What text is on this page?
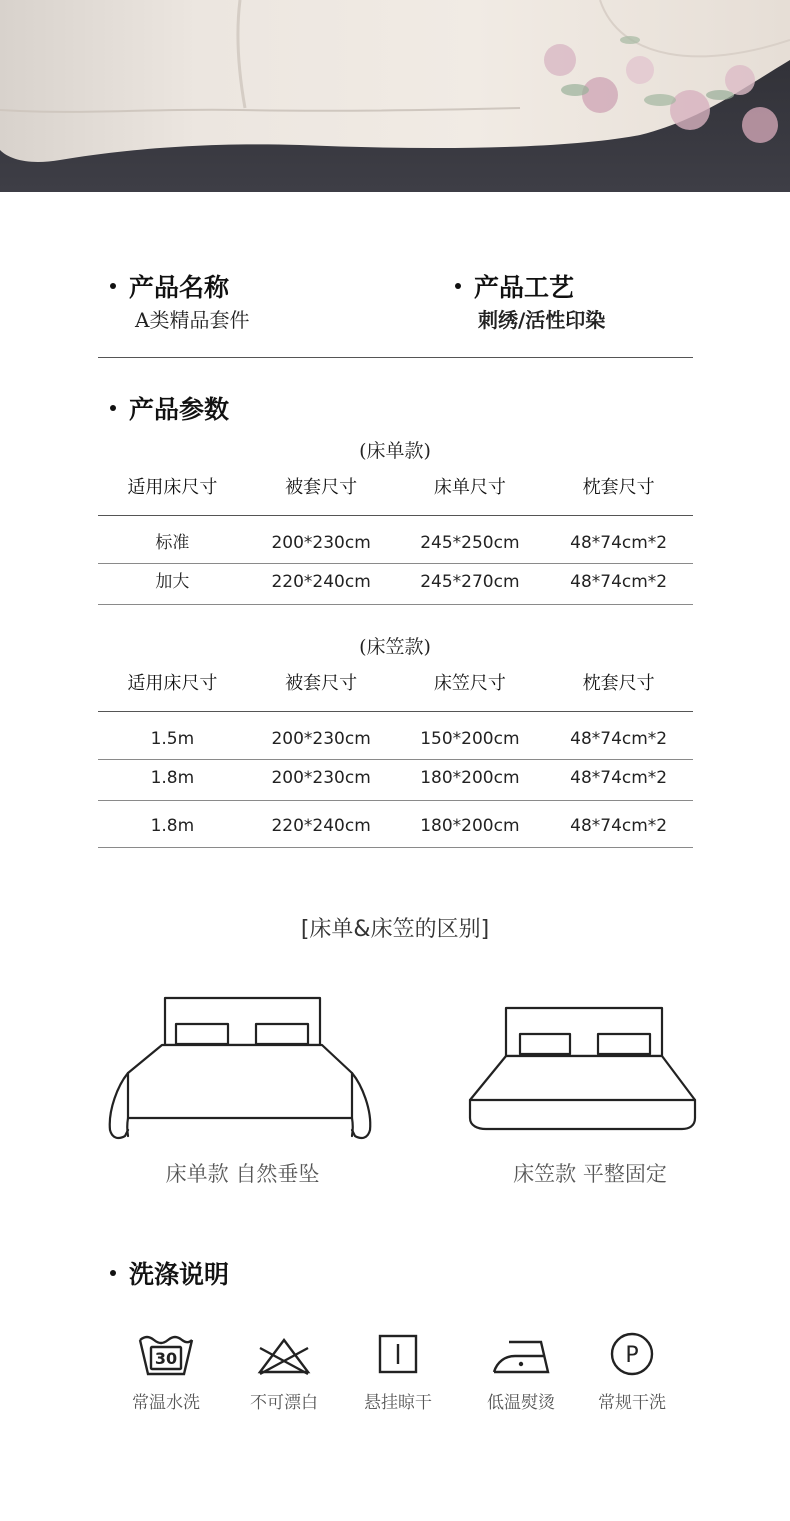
产品名称
A类精品套件
产品工艺
刺绣/活性印染
产品参数
(床单款)
适用床尺寸	被套尺寸	床单尺寸	枕套尺寸
标准	200*230cm	245*250cm	48*74cm*2
加大	220*240cm	245*270cm	48*74cm*2
(床笠款)
适用床尺寸	被套尺寸	床笠尺寸	枕套尺寸
1.5m	200*230cm	150*200cm	48*74cm*2
1.8m	200*230cm	180*200cm	48*74cm*2
1.8m	220*240cm	180*200cm	48*74cm*2
[床单&床笠的区别]
床单款 自然垂坠	床笠款 平整固定
洗涤说明
30
常温水洗	不可漂白	悬挂晾干	低温熨烫
P
常规干洗
